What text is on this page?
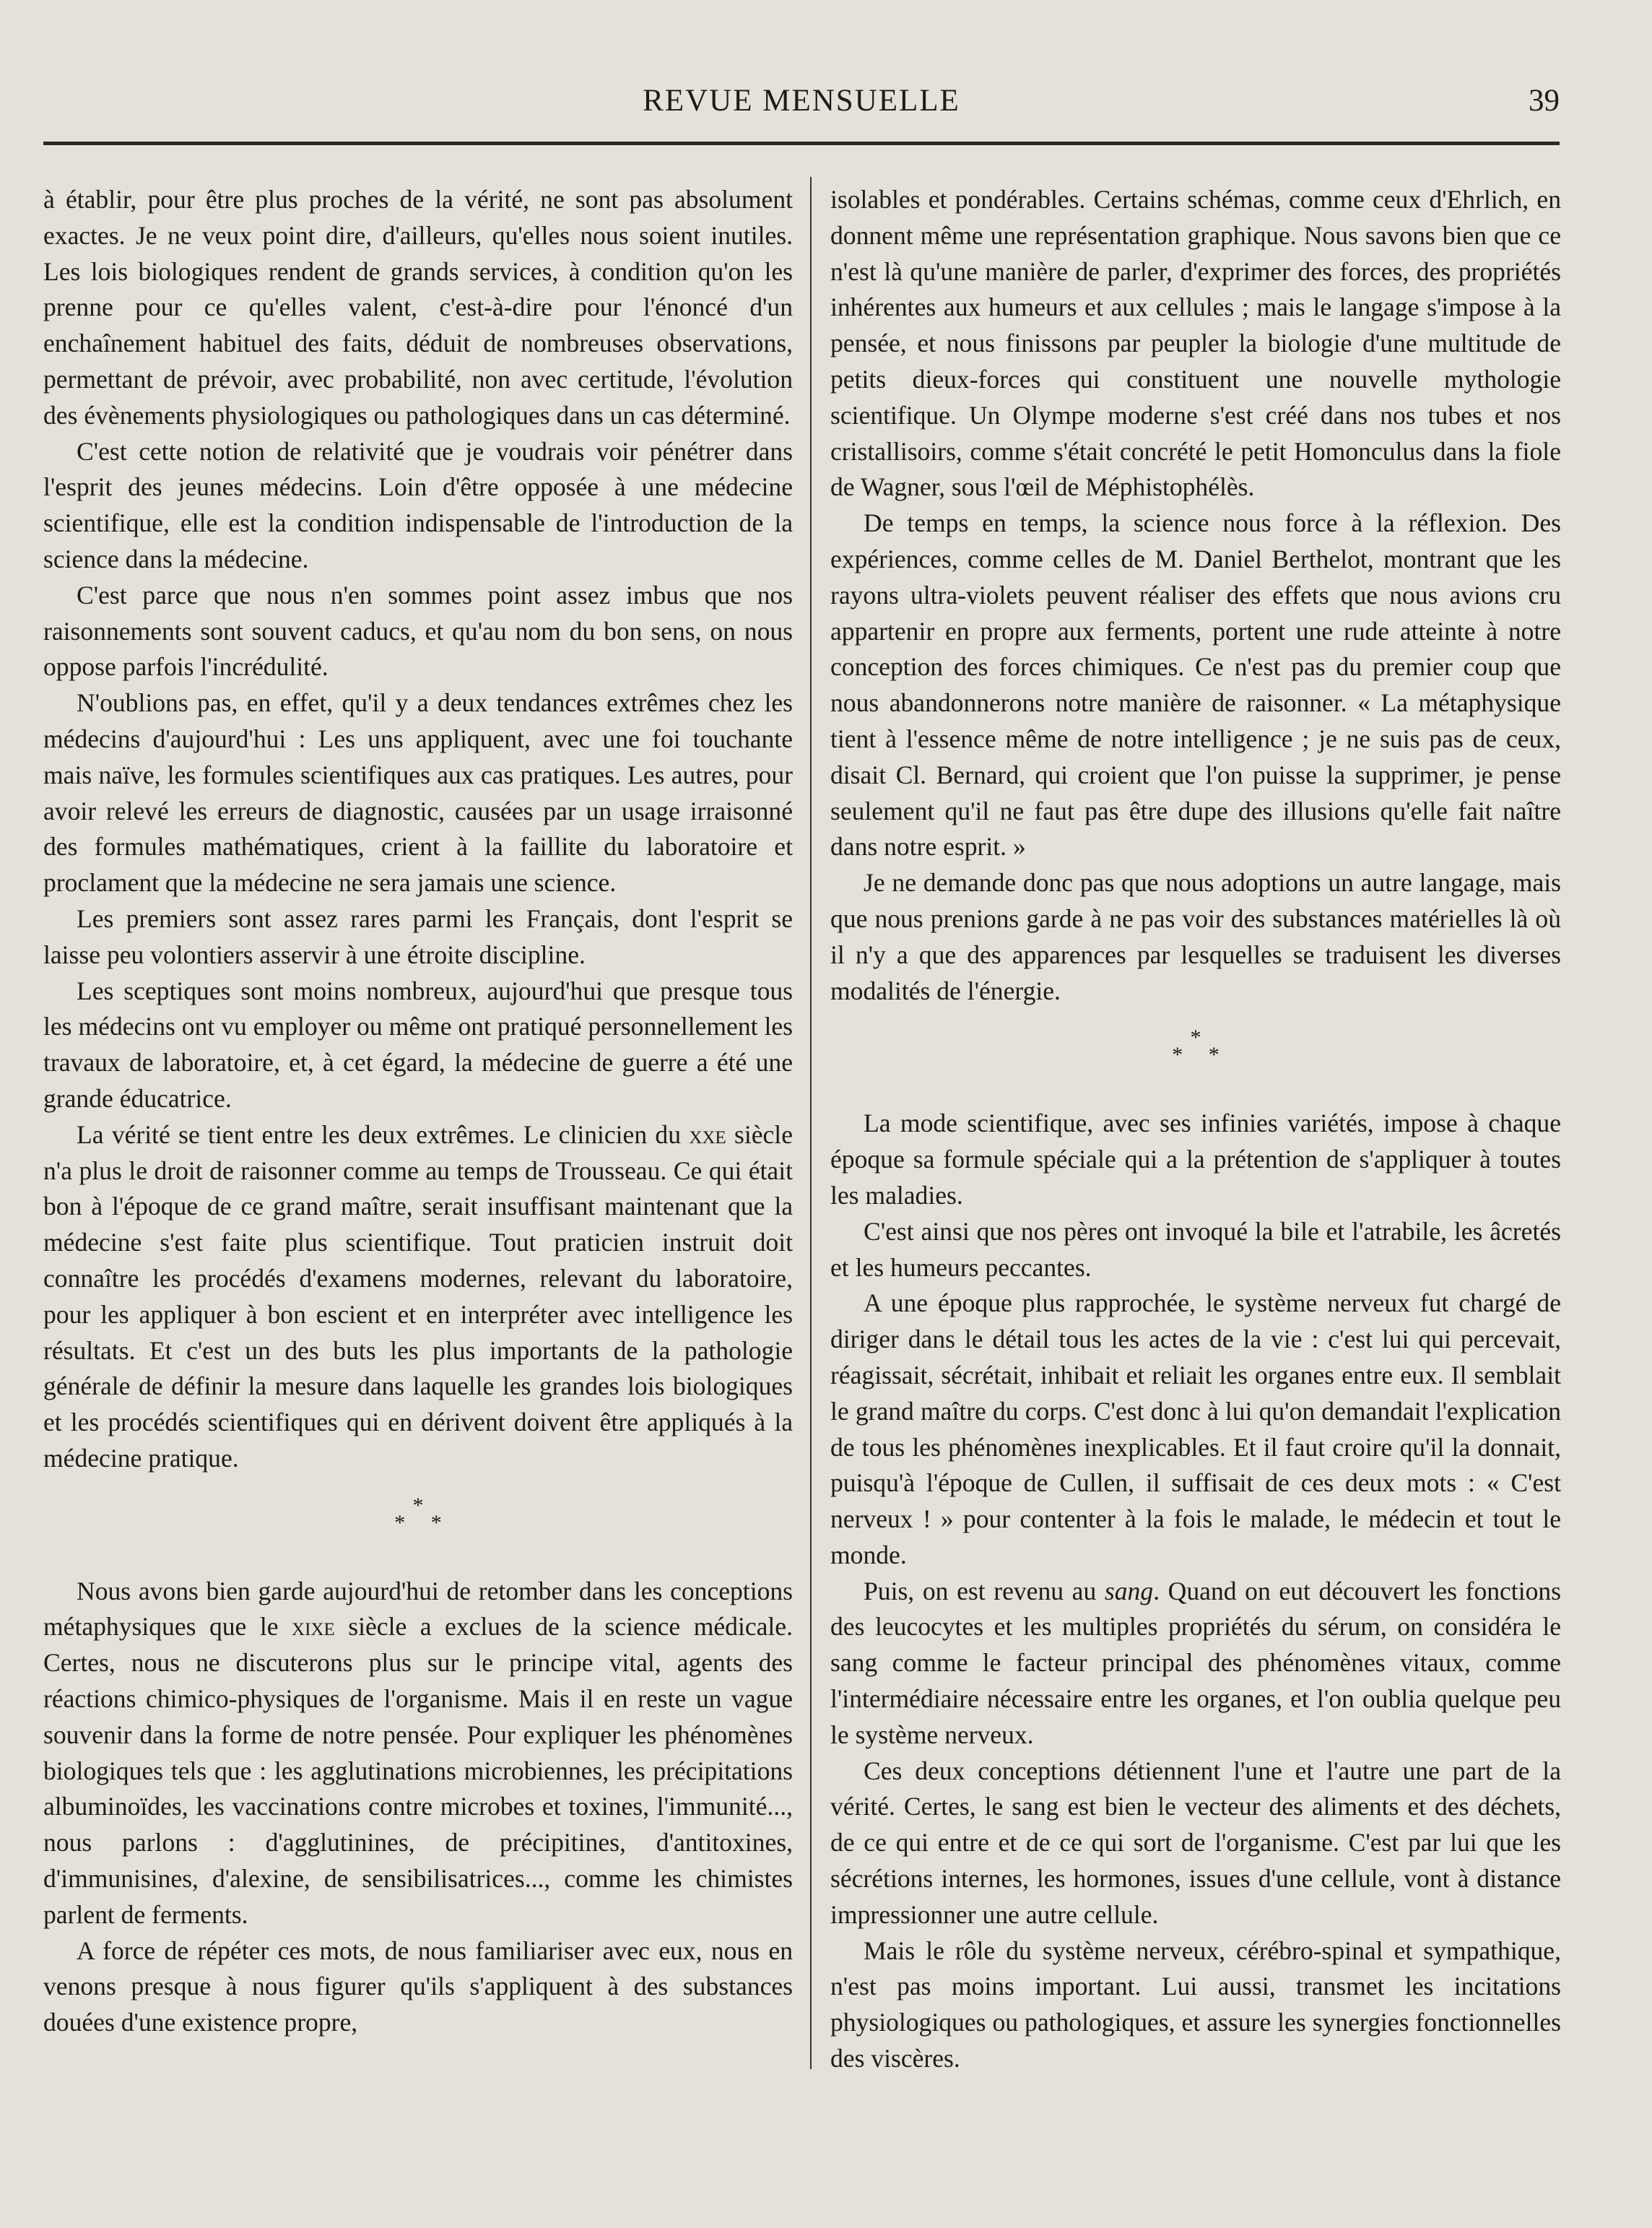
REVUE MENSUELLE	39

à établir, pour être plus proches de la vérité, ne sont pas absolument exactes. Je ne veux point dire, d'ailleurs, qu'elles nous soient inutiles. Les lois biologiques rendent de grands services, à condition qu'on les prenne pour ce qu'elles valent, c'est-à-dire pour l'énoncé d'un enchaînement habituel des faits, déduit de nombreuses observations, permettant de prévoir, avec probabilité, non avec certitude, l'évolution des évènements physiologiques ou pathologiques dans un cas déterminé.

C'est cette notion de relativité que je voudrais voir pénétrer dans l'esprit des jeunes médecins. Loin d'être opposée à une médecine scientifique, elle est la condition indispensable de l'introduction de la science dans la médecine.

C'est parce que nous n'en sommes point assez imbus que nos raisonnements sont souvent caducs, et qu'au nom du bon sens, on nous oppose parfois l'incrédulité.

N'oublions pas, en effet, qu'il y a deux tendances extrêmes chez les médecins d'aujourd'hui : Les uns appliquent, avec une foi touchante mais naïve, les formules scientifiques aux cas pratiques. Les autres, pour avoir relevé les erreurs de diagnostic, causées par un usage irraisonné des formules mathématiques, crient à la faillite du laboratoire et proclament que la médecine ne sera jamais une science.

Les premiers sont assez rares parmi les Français, dont l'esprit se laisse peu volontiers asservir à une étroite discipline.

Les sceptiques sont moins nombreux, aujourd'hui que presque tous les médecins ont vu employer ou même ont pratiqué personnellement les travaux de laboratoire, et, à cet égard, la médecine de guerre a été une grande éducatrice.

La vérité se tient entre les deux extrêmes. Le clinicien du xxe siècle n'a plus le droit de raisonner comme au temps de Trousseau. Ce qui était bon à l'époque de ce grand maître, serait insuffisant maintenant que la médecine s'est faite plus scientifique. Tout praticien instruit doit connaître les procédés d'examens modernes, relevant du laboratoire, pour les appliquer à bon escient et en interpréter avec intelligence les résultats. Et c'est un des buts les plus importants de la pathologie générale de définir la mesure dans laquelle les grandes lois biologiques et les procédés scientifiques qui en dérivent doivent être appliqués à la médecine pratique.

*
* *

Nous avons bien garde aujourd'hui de retomber dans les conceptions métaphysiques que le xixe siècle a exclues de la science médicale. Certes, nous ne discuterons plus sur le principe vital, agents des réactions chimico-physiques de l'organisme. Mais il en reste un vague souvenir dans la forme de notre pensée. Pour expliquer les phénomènes biologiques tels que : les agglutinations microbiennes, les précipitations albuminoïdes, les vaccinations contre microbes et toxines, l'immunité..., nous parlons : d'agglutinines, de précipitines, d'antitoxines, d'immunisines, d'alexine, de sensibilisatrices..., comme les chimistes parlent de ferments.

A force de répéter ces mots, de nous familiariser avec eux, nous en venons presque à nous figurer qu'ils s'appliquent à des substances douées d'une existence propre,

isolables et pondérables. Certains schémas, comme ceux d'Ehrlich, en donnent même une représentation graphique. Nous savons bien que ce n'est là qu'une manière de parler, d'exprimer des forces, des propriétés inhérentes aux humeurs et aux cellules ; mais le langage s'impose à la pensée, et nous finissons par peupler la biologie d'une multitude de petits dieux-forces qui constituent une nouvelle mythologie scientifique. Un Olympe moderne s'est créé dans nos tubes et nos cristallisoirs, comme s'était concrété le petit Homonculus dans la fiole de Wagner, sous l'œil de Méphistophélès.

De temps en temps, la science nous force à la réflexion. Des expériences, comme celles de M. Daniel Berthelot, montrant que les rayons ultra-violets peuvent réaliser des effets que nous avions cru appartenir en propre aux ferments, portent une rude atteinte à notre conception des forces chimiques. Ce n'est pas du premier coup que nous abandonnerons notre manière de raisonner. « La métaphysique tient à l'essence même de notre intelligence ; je ne suis pas de ceux, disait Cl. Bernard, qui croient que l'on puisse la supprimer, je pense seulement qu'il ne faut pas être dupe des illusions qu'elle fait naître dans notre esprit. »

Je ne demande donc pas que nous adoptions un autre langage, mais que nous prenions garde à ne pas voir des substances matérielles là où il n'y a que des apparences par lesquelles se traduisent les diverses modalités de l'énergie.

*
* *

La mode scientifique, avec ses infinies variétés, impose à chaque époque sa formule spéciale qui a la prétention de s'appliquer à toutes les maladies.

C'est ainsi que nos pères ont invoqué la bile et l'atrabile, les âcretés et les humeurs peccantes.

A une époque plus rapprochée, le système nerveux fut chargé de diriger dans le détail tous les actes de la vie : c'est lui qui percevait, réagissait, sécrétait, inhibait et reliait les organes entre eux. Il semblait le grand maître du corps. C'est donc à lui qu'on demandait l'explication de tous les phénomènes inexplicables. Et il faut croire qu'il la donnait, puisqu'à l'époque de Cullen, il suffisait de ces deux mots : « C'est nerveux ! » pour contenter à la fois le malade, le médecin et tout le monde.

Puis, on est revenu au sang. Quand on eut découvert les fonctions des leucocytes et les multiples propriétés du sérum, on considéra le sang comme le facteur principal des phénomènes vitaux, comme l'intermédiaire nécessaire entre les organes, et l'on oublia quelque peu le système nerveux.

Ces deux conceptions détiennent l'une et l'autre une part de la vérité. Certes, le sang est bien le vecteur des aliments et des déchets, de ce qui entre et de ce qui sort de l'organisme. C'est par lui que les sécrétions internes, les hormones, issues d'une cellule, vont à distance impressionner une autre cellule.

Mais le rôle du système nerveux, cérébro-spinal et sympathique, n'est pas moins important. Lui aussi, transmet les incitations physiologiques ou pathologiques, et assure les synergies fonctionnelles des viscères.
